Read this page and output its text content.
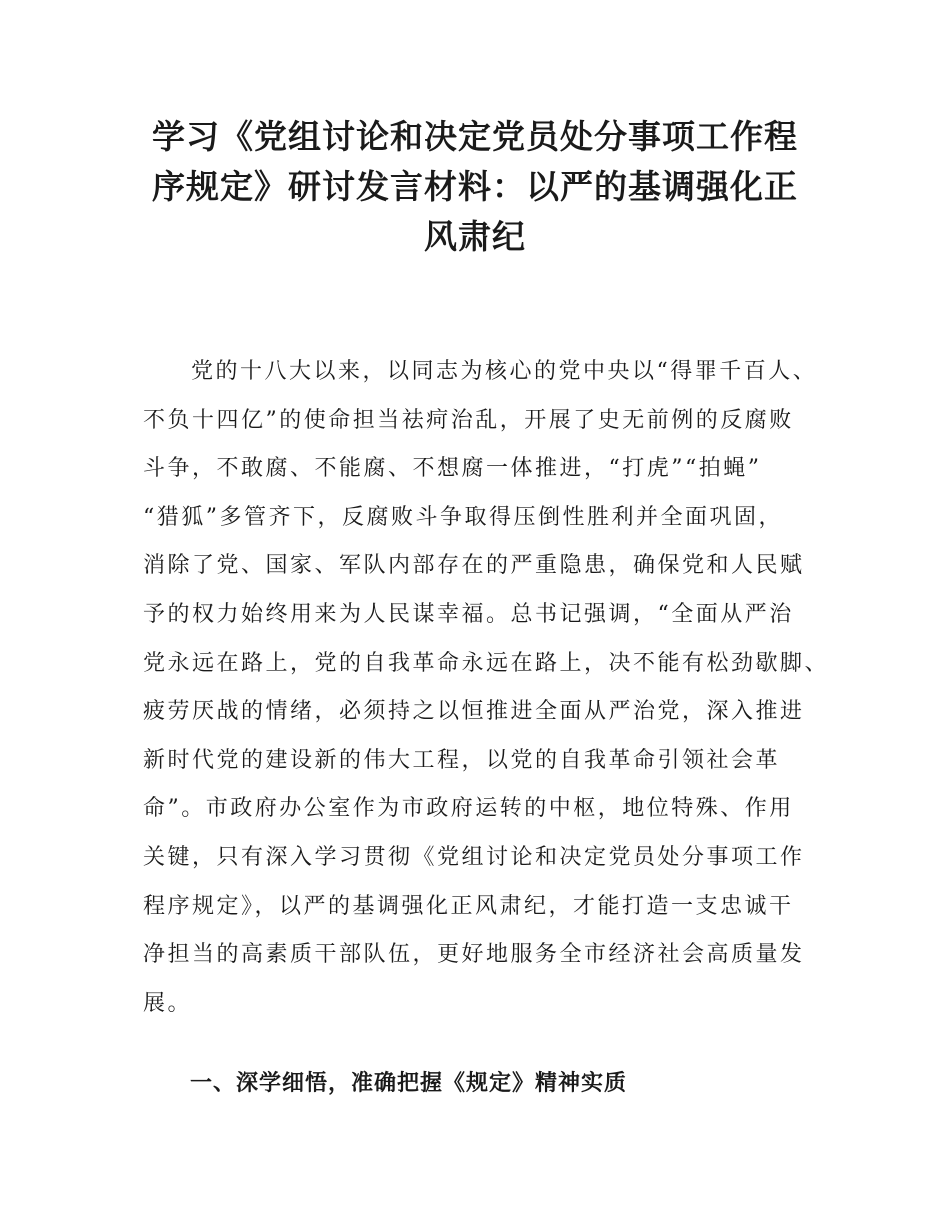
学习《党组讨论和决定党员处分事项工作程
序规定》研讨发言材料：以严的基调强化正
风肃纪
党的十八大以来，以同志为核心的党中央以“得罪千百人、
不负十四亿”的使命担当祛疴治乱，开展了史无前例的反腐败
斗争，不敢腐、不能腐、不想腐一体推进，“打虎”“拍蝇”
“猎狐”多管齐下，反腐败斗争取得压倒性胜利并全面巩固，
消除了党、国家、军队内部存在的严重隐患，确保党和人民赋
予的权力始终用来为人民谋幸福。总书记强调，“全面从严治
党永远在路上，党的自我革命永远在路上，决不能有松劲歇脚、
疲劳厌战的情绪，必须持之以恒推进全面从严治党，深入推进
新时代党的建设新的伟大工程，以党的自我革命引领社会革
命”。市政府办公室作为市政府运转的中枢，地位特殊、作用
关键，只有深入学习贯彻《党组讨论和决定党员处分事项工作
程序规定》，以严的基调强化正风肃纪，才能打造一支忠诚干
净担当的高素质干部队伍，更好地服务全市经济社会高质量发
展。
一、深学细悟，准确把握《规定》精神实质
